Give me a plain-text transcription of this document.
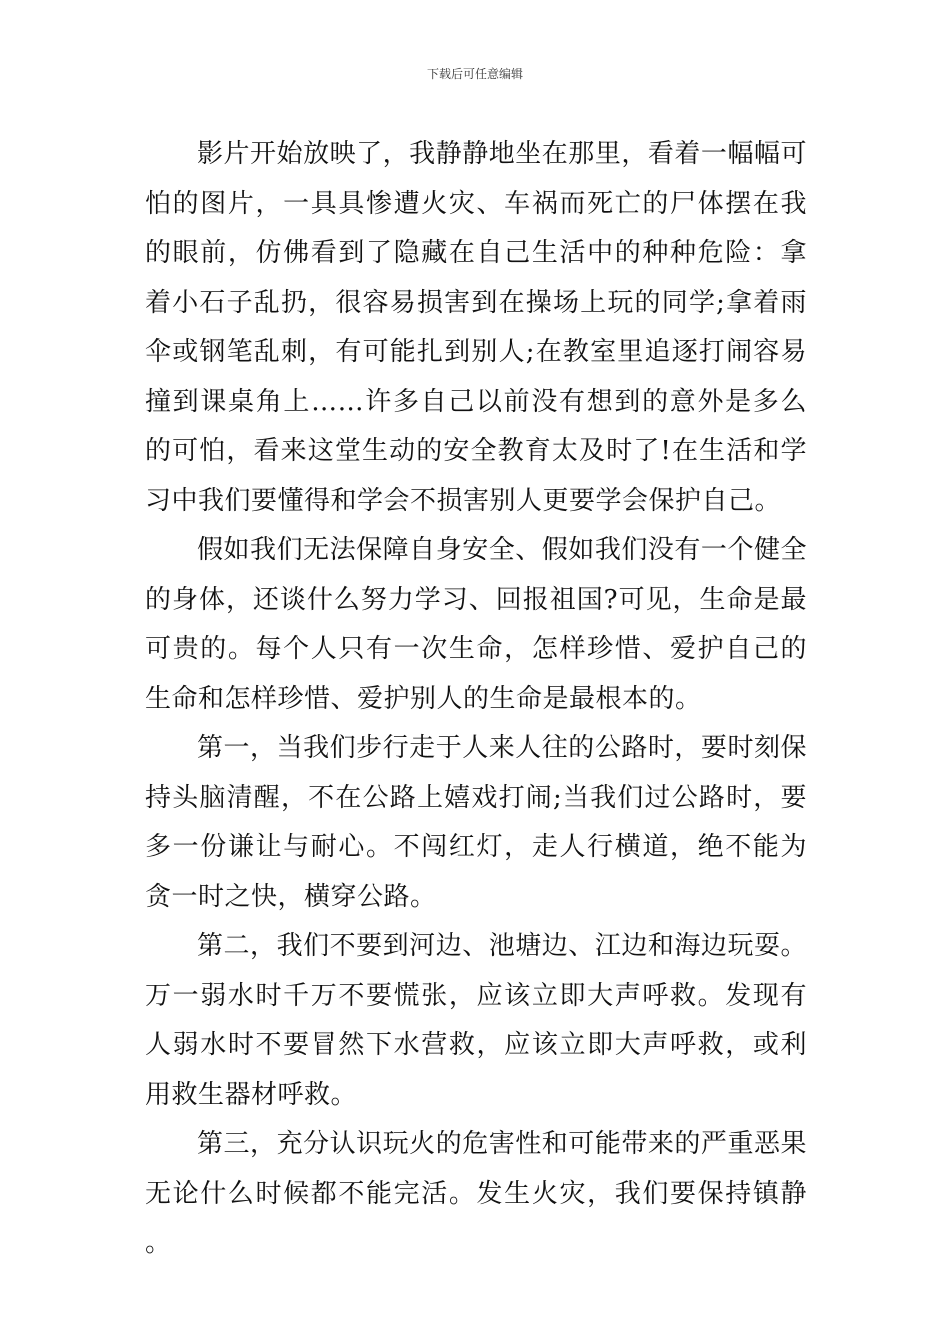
下载后可任意编辑

影片开始放映了，我静静地坐在那里，看着一幅幅可怕的图片，一具具惨遭火灾、车祸而死亡的尸体摆在我的眼前，仿佛看到了隐藏在自己生活中的种种危险：拿着小石子乱扔，很容易损害到在操场上玩的同学;拿着雨伞或钢笔乱刺，有可能扎到别人;在教室里追逐打闹容易撞到课桌角上……许多自己以前没有想到的意外是多么的可怕，看来这堂生动的安全教育太及时了!在生活和学习中我们要懂得和学会不损害别人更要学会保护自己。

假如我们无法保障自身安全、假如我们没有一个健全的身体，还谈什么努力学习、回报祖国?可见，生命是最可贵的。每个人只有一次生命，怎样珍惜、爱护自己的生命和怎样珍惜、爱护别人的生命是最根本的。

第一，当我们步行走于人来人往的公路时，要时刻保持头脑清醒，不在公路上嬉戏打闹;当我们过公路时，要多一份谦让与耐心。不闯红灯，走人行横道，绝不能为贪一时之快，横穿公路。

第二，我们不要到河边、池塘边、江边和海边玩耍。万一弱水时千万不要慌张，应该立即大声呼救。发现有人弱水时不要冒然下水营救，应该立即大声呼救，或利用救生器材呼救。

第三，充分认识玩火的危害性和可能带来的严重恶果无论什么时候都不能完活。发生火灾，我们要保持镇静。
